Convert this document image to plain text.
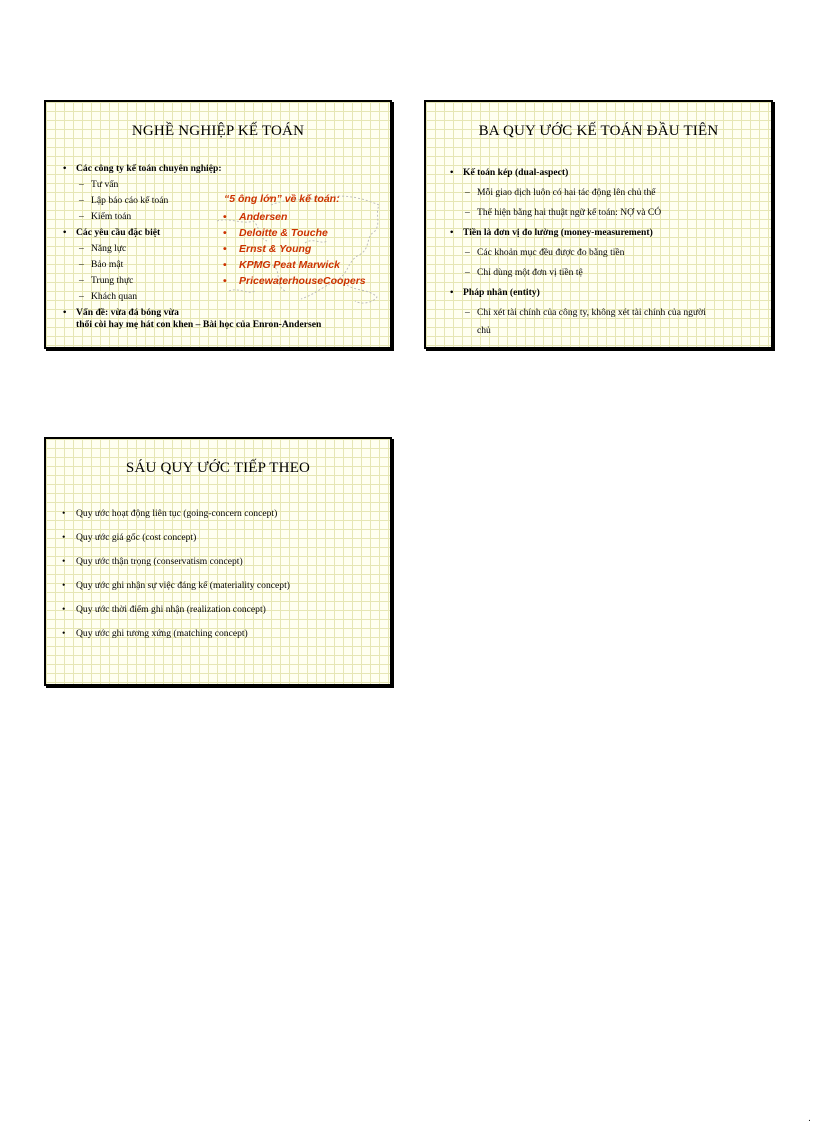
NGHỀ NGHIỆP KẾ TOÁN
• Các công ty kế toán chuyên nghiệp:
– Tư vấn
– Lập báo cáo kế toán
– Kiểm toán
• Các yêu cầu đặc biệt
– Năng lực
– Bảo mật
– Trung thực
– Khách quan
• Vấn đề: vừa đá bóng vừa
thổi còi hay mẹ hát con khen – Bài học của Enron-Andersen
“5 ông lớn” về kế toán:
• Andersen
• Deloitte & Touche
• Ernst & Young
• KPMG Peat Marwick
• PricewaterhouseCoopers
BA QUY ƯỚC KẾ TOÁN ĐẦU TIÊN
• Kế toán kép (dual-aspect)
– Mỗi giao dịch luôn có hai tác động lên chủ thể
– Thể hiện bằng hai thuật ngữ kế toán: NỢ và CÓ
• Tiền là đơn vị đo lường (money-measurement)
– Các khoản mục đều được đo bằng tiền
– Chỉ dùng một đơn vị tiền tệ
• Pháp nhân (entity)
– Chỉ xét tài chính của công ty, không xét tài chính của người
chủ
SÁU QUY ƯỚC TIẾP THEO
• Quy ước hoạt động liên tục (going-concern concept)
• Quy ước giá gốc (cost concept)
• Quy ước thận trọng (conservatism concept)
• Quy ước ghi nhận sự việc đáng kể (materiality concept)
• Quy ước thời điểm ghi nhận (realization concept)
• Quy ước ghi tương xứng (matching concept)
.
